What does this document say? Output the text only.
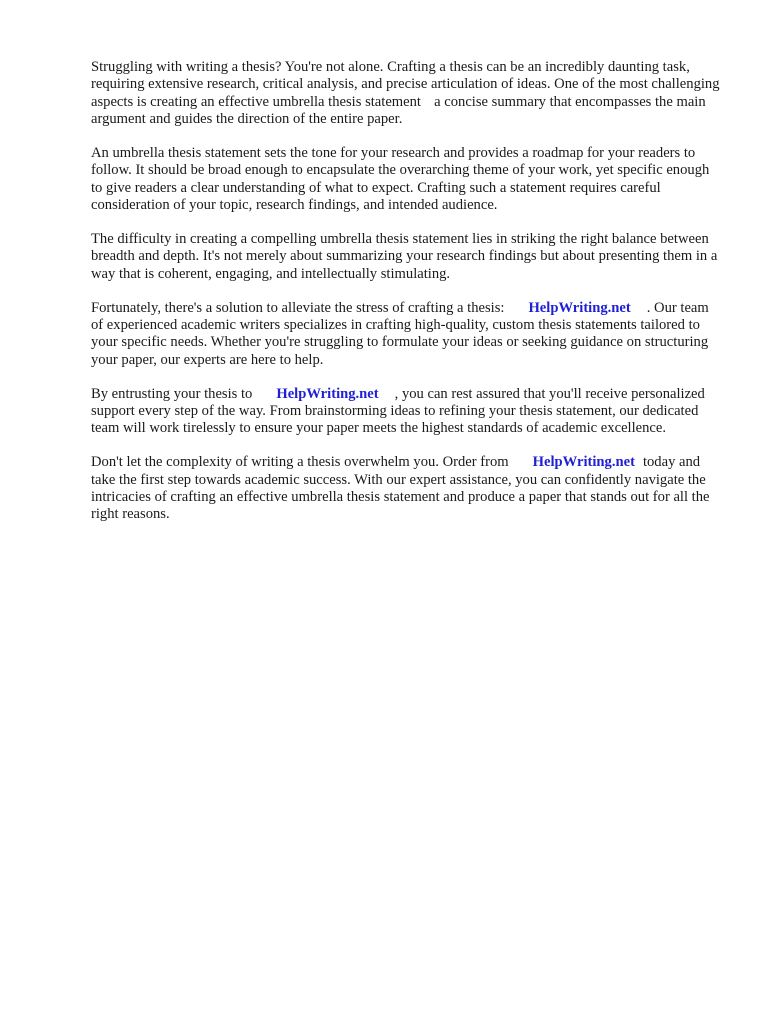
Struggling with writing a thesis? You're not alone. Crafting a thesis can be an incredibly daunting task, requiring extensive research, critical analysis, and precise articulation of ideas. One of the most challenging aspects is creating an effective umbrella thesis statement    a concise summary that encompasses the main argument and guides the direction of the entire paper.

An umbrella thesis statement sets the tone for your research and provides a roadmap for your readers to follow. It should be broad enough to encapsulate the overarching theme of your work, yet specific enough to give readers a clear understanding of what to expect. Crafting such a statement requires careful consideration of your topic, research findings, and intended audience.

The difficulty in creating a compelling umbrella thesis statement lies in striking the right balance between breadth and depth. It's not merely about summarizing your research findings but about presenting them in a way that is coherent, engaging, and intellectually stimulating.

Fortunately, there's a solution to alleviate the stress of crafting a thesis: HelpWriting.net . Our team of experienced academic writers specializes in crafting high-quality, custom thesis statements tailored to your specific needs. Whether you're struggling to formulate your ideas or seeking guidance on structuring your paper, our experts are here to help.

By entrusting your thesis to HelpWriting.net , you can rest assured that you'll receive personalized support every step of the way. From brainstorming ideas to refining your thesis statement, our dedicated team will work tirelessly to ensure your paper meets the highest standards of academic excellence.

Don't let the complexity of writing a thesis overwhelm you. Order from HelpWriting.net today and take the first step towards academic success. With our expert assistance, you can confidently navigate the intricacies of crafting an effective umbrella thesis statement and produce a paper that stands out for all the right reasons.
